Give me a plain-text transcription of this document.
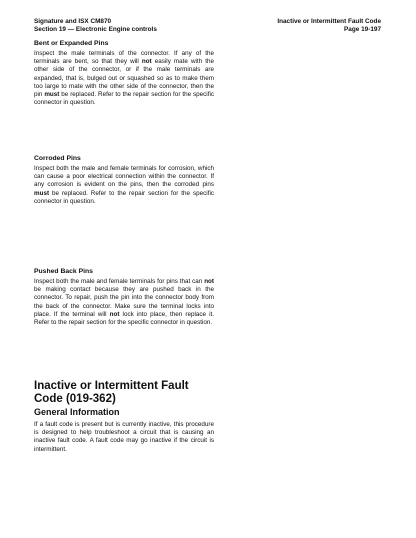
Signature and ISX CM870
Section 19 — Electronic Engine controls
Inactive or Intermittent Fault Code
Page 19-197
Bent or Expanded Pins

Inspect the male terminals of the connector. If any of the terminals are bent, so that they will not easily mate with the other side of the connector, or if the male terminals are expanded, that is, bulged out or squashed so as to make them too large to mate with the other side of the connector, then the pin must be replaced. Refer to the repair section for the specific connector in question.

Corroded Pins

Inspect both the male and female terminals for corrosion, which can cause a poor electrical connection within the connector. If any corrosion is evident on the pins, then the corroded pins must be replaced. Refer to the repair section for the specific connector in question.

Pushed Back Pins

Inspect both the male and female terminals for pins that can not be making contact because they are pushed back in the connector. To repair, push the pin into the connector body from the back of the connector. Make sure the terminal locks into place. If the terminal will not lock into place, then replace it. Refer to the repair section for the specific connector in question.

Inactive or Intermittent Fault Code (019-362)
General Information

If a fault code is present but is currently inactive, this procedure is designed to help troubleshoot a circuit that is causing an inactive fault code. A fault code may go inactive if the circuit is intermittent.
